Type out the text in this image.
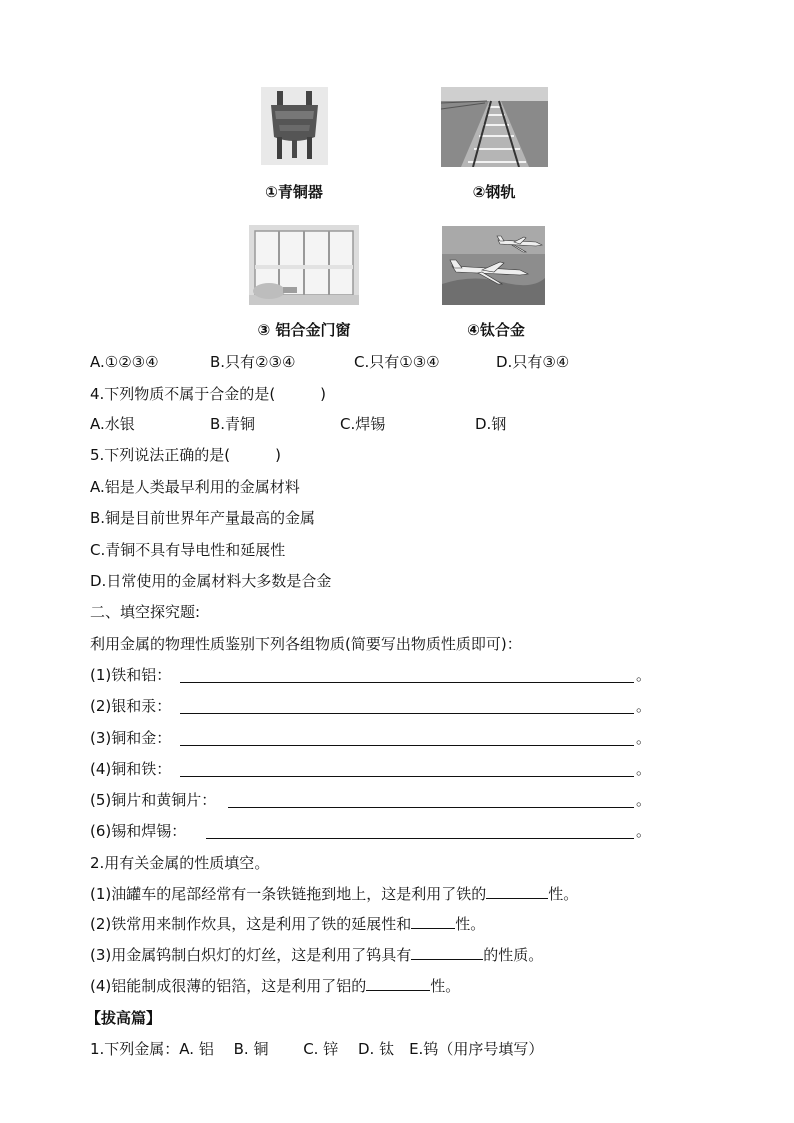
①青铜器	②钢轨
③ 铝合金门窗	④钛合金
A.①②③④	B.只有②③④	C.只有①③④	D.只有③④
4.下列物质不属于合金的是(　　　)
A.水银	B.青铜	C.焊锡	D.钢
5.下列说法正确的是(　　　)
A.铝是人类最早利用的金属材料
B.铜是目前世界年产量最高的金属
C.青铜不具有导电性和延展性
D.日常使用的金属材料大多数是合金
二、填空探究题:
利用金属的物理性质鉴别下列各组物质(简要写出物质性质即可)：
(1)铁和铝：	。
(2)银和汞：	。
(3)铜和金：	。
(4)铜和铁：	。
(5)铜片和黄铜片：	。
(6)锡和焊锡：	。
2.用有关金属的性质填空。
(1)油罐车的尾部经常有一条铁链拖到地上，这是利用了铁的	性。
(2)铁常用来制作炊具，这是利用了铁的延展性和	性。
(3)用金属钨制白炽灯的灯丝，这是利用了钨具有	的性质。
(4)铝能制成很薄的铝箔，这是利用了铝的	性。
【拔高篇】
1.下列金属：A. 铝　 B. 铜　　 C. 锌　 D. 钛　E.钨（用序号填写）
